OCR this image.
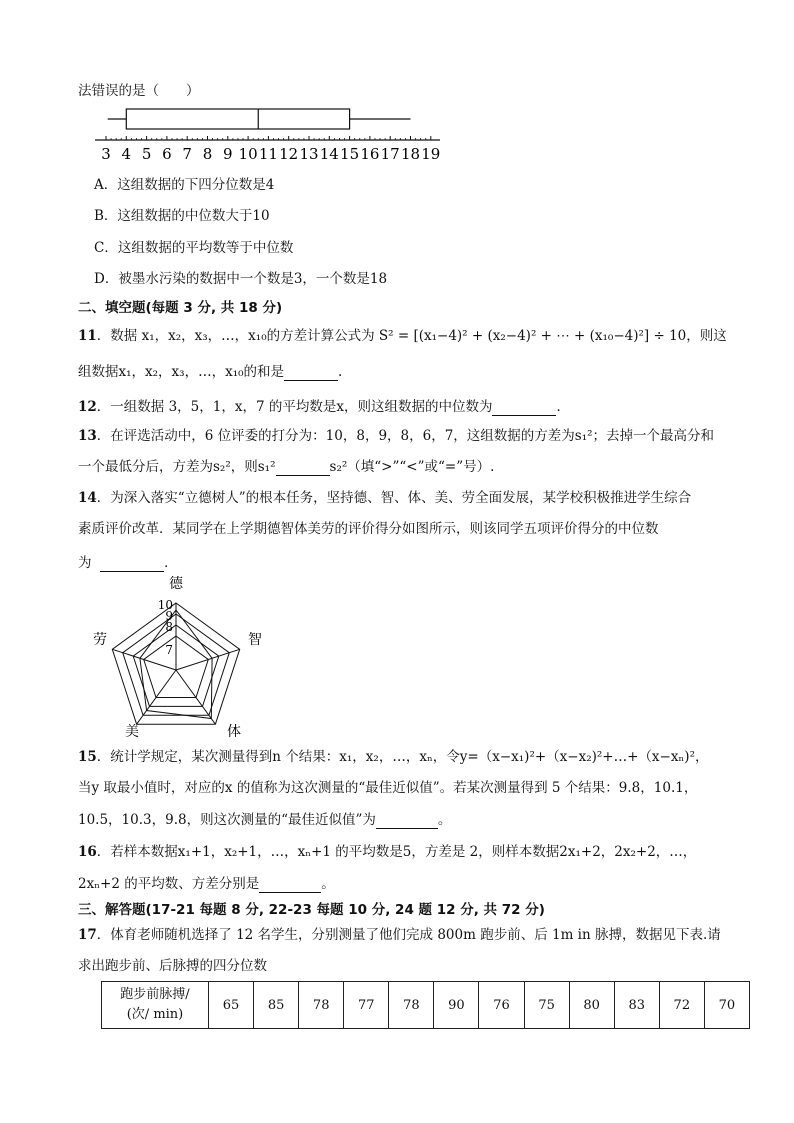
法错误的是（　　）
3 4 5 6 7 8 9 10 11 12 13 14 15 16 17 18 19
A．这组数据的下四分位数是4
B．这组数据的中位数大于10
C．这组数据的平均数等于中位数
D．被墨水污染的数据中一个数是3，一个数是18
二、填空题(每题 3 分, 共 18 分)
11．数据 x₁，x₂，x₃，…，x₁₀的方差计算公式为 S² = [(x₁−4)² + (x₂−4)² + ⋯ + (x₁₀−4)²] ÷ 10，则这
组数据x₁，x₂，x₃，…，x₁₀的和是	.
12．一组数据 3，5，1，x，7 的平均数是x，则这组数据的中位数为	．
13．在评选活动中，6 位评委的打分为：10，8，9，8，6，7，这组数据的方差为s₁²；去掉一个最高分和
一个最低分后，方差为s₂²，则s₁²	s₂²（填“>”“<”或“=”号）.
14．为深入落实“立德树人”的根本任务，坚持德、智、体、美、劳全面发展，某学校积极推进学生综合
素质评价改革．某同学在上学期德智体美劳的评价得分如图所示，则该同学五项评价得分的中位数
为	．
德
智
体
美
劳
10
9
8
7
15．统计学规定，某次测量得到n 个结果：x₁，x₂，…，xₙ，令y=（x−x₁)²+（x−x₂)²+…+（x−xₙ)²，
当y 取最小值时，对应的x 的值称为这次测量的“最佳近似值”。若某次测量得到 5 个结果：9.8，10.1，
10.5，10.3，9.8，则这次测量的“最佳近似值”为	。
16．若样本数据x₁+1，x₂+1，…，xₙ+1 的平均数是5，方差是 2，则样本数据2x₁+2，2x₂+2，…，
2xₙ+2 的平均数、方差分别是	。
三、解答题(17-21 每题 8 分, 22-23 每题 10 分, 24 题 12 分, 共 72 分)
17．体育老师随机选择了 12 名学生，分别测量了他们完成 800m 跑步前、后 1m in 脉搏，数据见下表.请
求出跑步前、后脉搏的四分位数
跑步前脉搏/
(次/ min)
	65	85	78	77	78	90	76	75	80	83	72	70
